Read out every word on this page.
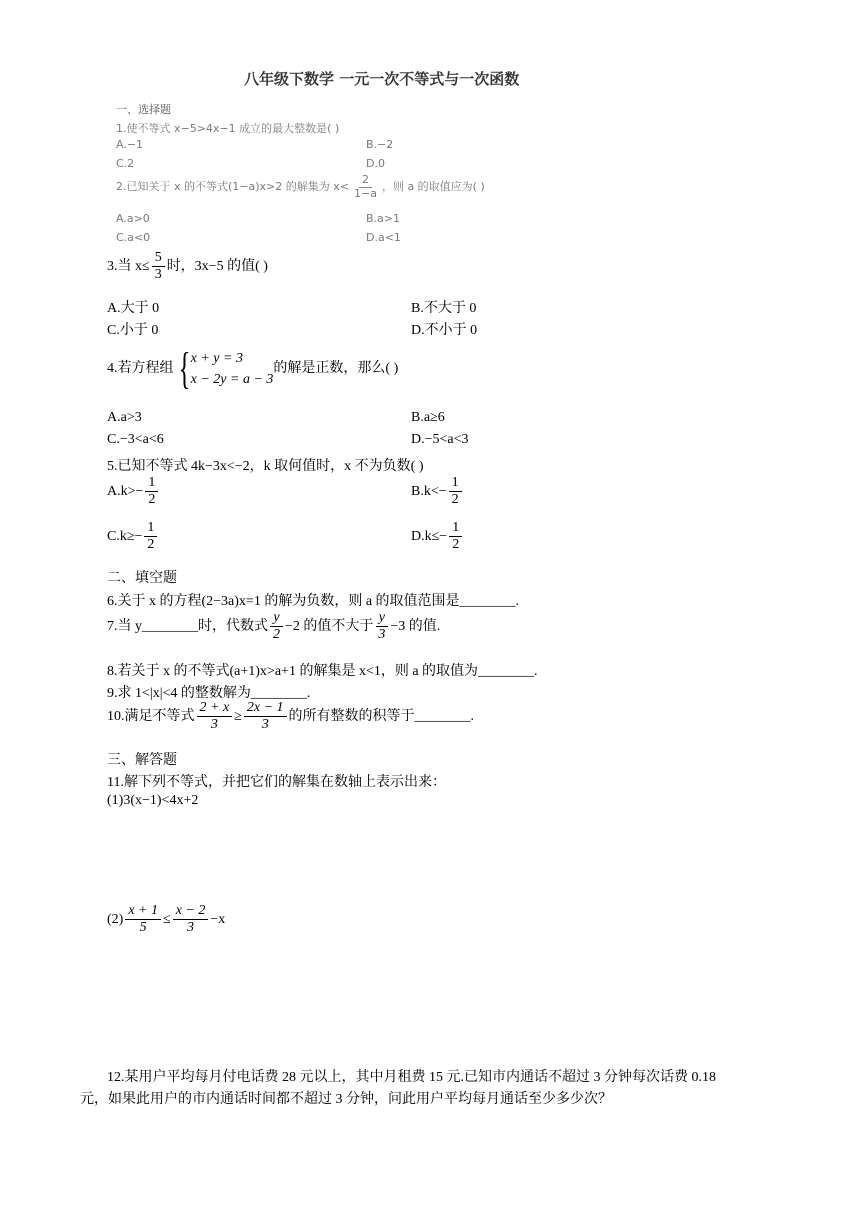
八年级下数学 一元一次不等式与一次函数
一、选择题
1.使不等式 x−5>4x−1 成立的最大整数是( )
A.−1	B.−2
C.2	D.0
2.已知关于 x 的不等式(1−a)x>2 的解集为 $x< \frac{2}{1-a}$ ，则 a 的取值应为( )
A.a>0	B.a>1
C.a<0	D.a<1
3.当 $x\le \frac{5}{3}$ 时，3x−5 的值( )
A.大于 0	B.不大于 0
C.小于 0	D.不小于 0
4.若方程组 { x + y = 3
x − 2y = a − 3
的解是正数，那么( )
A.a>3	B.a≥6
C.−3<a<6	D.−5<a<3
5.已知不等式 4k−3x<−2，k 取何值时，x 不为负数( )
$A.k>- \frac{1}{2}$	$B.k<- \frac{1}{2}$
$C.k\ge- \frac{1}{2}$	$D.k\le- \frac{1}{2}$
二、填空题
6.关于 x 的方程(2−3a)x=1 的解为负数，则 a 的取值范围是________.
7.当 y________时，代数式 $\frac{y}{2} -2$ 的值不大于 $\frac{y}{3} -3$ 的值.
8.若关于 x 的不等式(a+1)x>a+1 的解集是 x<1，则 a 的取值为________.
9.求 1<|x|<4 的整数解为________.
10.满足不等式 $\frac{2 + x}{3} \ge \frac{2x - 1}{3}$ 的所有整数的积等于________.
三、解答题
11.解下列不等式，并把它们的解集在数轴上表示出来：
(1)3(x−1)<4x+2
$(2) \frac{x + 1}{5} \le \frac{x - 2}{3} -x$
12.某用户平均每月付电话费 28 元以上，其中月租费 15 元.已知市内通话不超过 3 分钟每次话费 0.18
元，如果此用户的市内通话时间都不超过 3 分钟，问此用户平均每月通话至少多少次？
